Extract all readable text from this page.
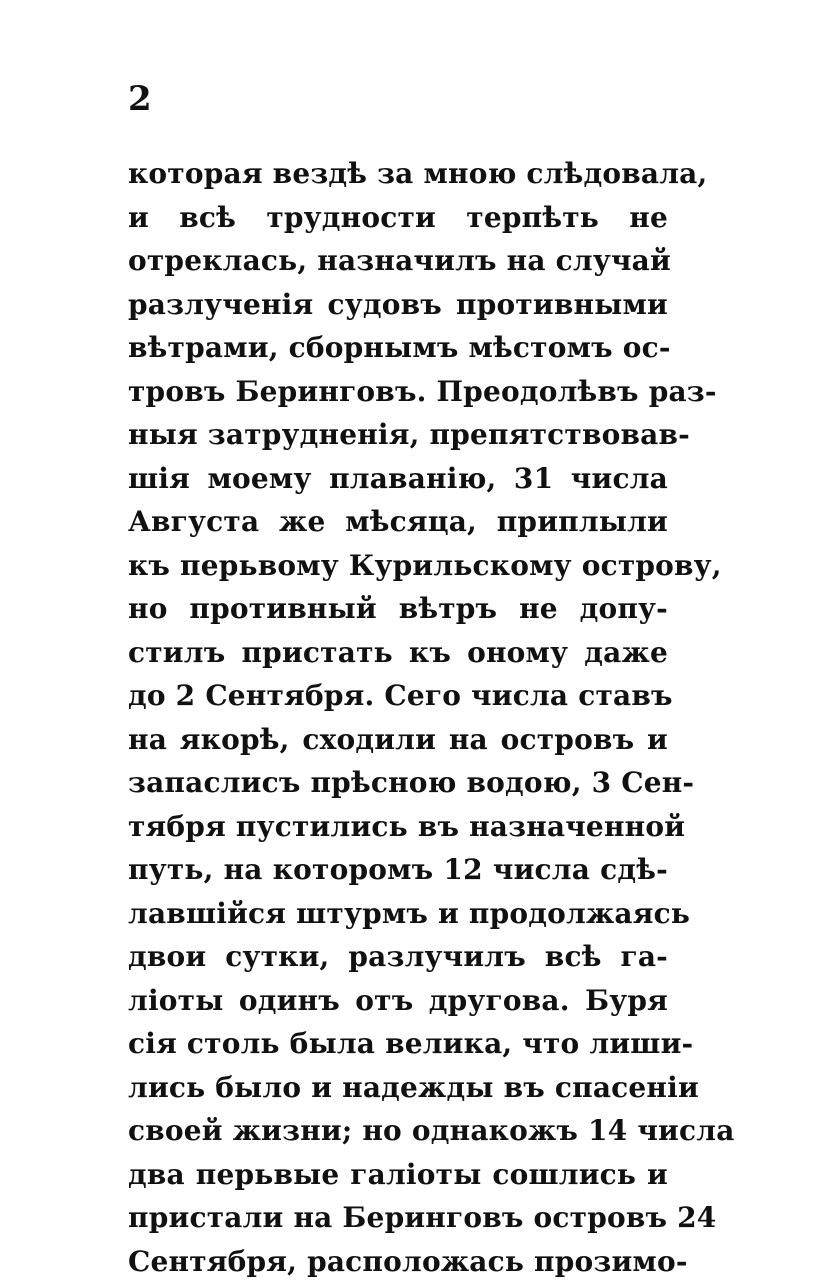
2
которая вездѣ за мною слѣдовала,
и всѣ трудности терпѣть не
отреклась, назначилъ на случай
разлученія судовъ противными
вѣтрами, сборнымъ мѣстомъ ос-
тровъ Беринговъ. Преодолѣвъ раз-
ныя затрудненія, препятствовав-
шія моему плаванію, 31 числа
Августа же мѣсяца, приплыли
къ перьвому Курильскому острову,
но противный вѣтръ не допу-
стилъ пристать къ оному даже
до 2 Сентября. Сего числа ставъ
на якорѣ, сходили на островъ и
запаслисъ прѣсною водою, 3 Сен-
тября пустились въ назначенной
путь, на которомъ 12 числа сдѣ-
лавшійся штурмъ и продолжаясь
двои сутки, разлучилъ всѣ га-
ліоты одинъ отъ другова. Буря
сія столь была велика, что лиши-
лись было и надежды въ спасеніи
своей жизни; но однакожъ 14 числа
два перьвые галіоты сошлись и
пристали на Беринговъ островъ 24
Сентября, расположась прозимо-
